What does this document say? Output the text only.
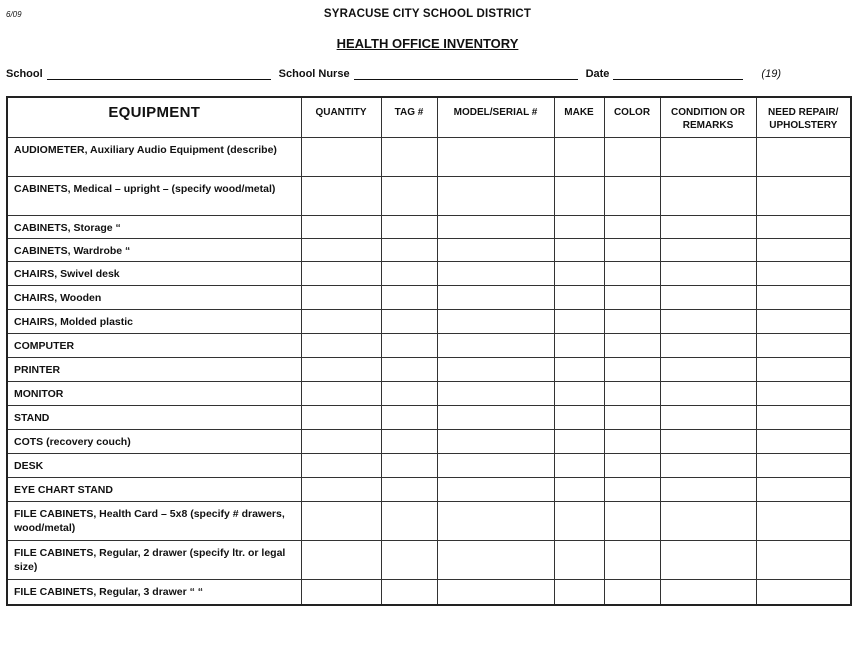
6/09	SYRACUSE CITY SCHOOL DISTRICT
HEALTH OFFICE INVENTORY
School	School Nurse	Date	(19)
EQUIPMENT	QUANTITY	TAG #	MODEL/SERIAL #	MAKE	COLOR	CONDITION OR REMARKS	NEED REPAIR/ UPHOLSTERY
AUDIOMETER, Auxiliary Audio Equipment (describe)							
CABINETS, Medical – upright – (specify wood/metal)							
CABINETS, Storage “							
CABINETS, Wardrobe “							
CHAIRS, Swivel desk							
CHAIRS, Wooden							
CHAIRS, Molded plastic							
COMPUTER							
PRINTER							
MONITOR							
STAND							
COTS (recovery couch)							
DESK							
EYE CHART STAND							
FILE CABINETS, Health Card – 5x8 (specify # drawers, wood/metal)							
FILE CABINETS, Regular, 2 drawer (specify ltr. or legal size)							
FILE CABINETS, Regular, 3 drawer “ “							
